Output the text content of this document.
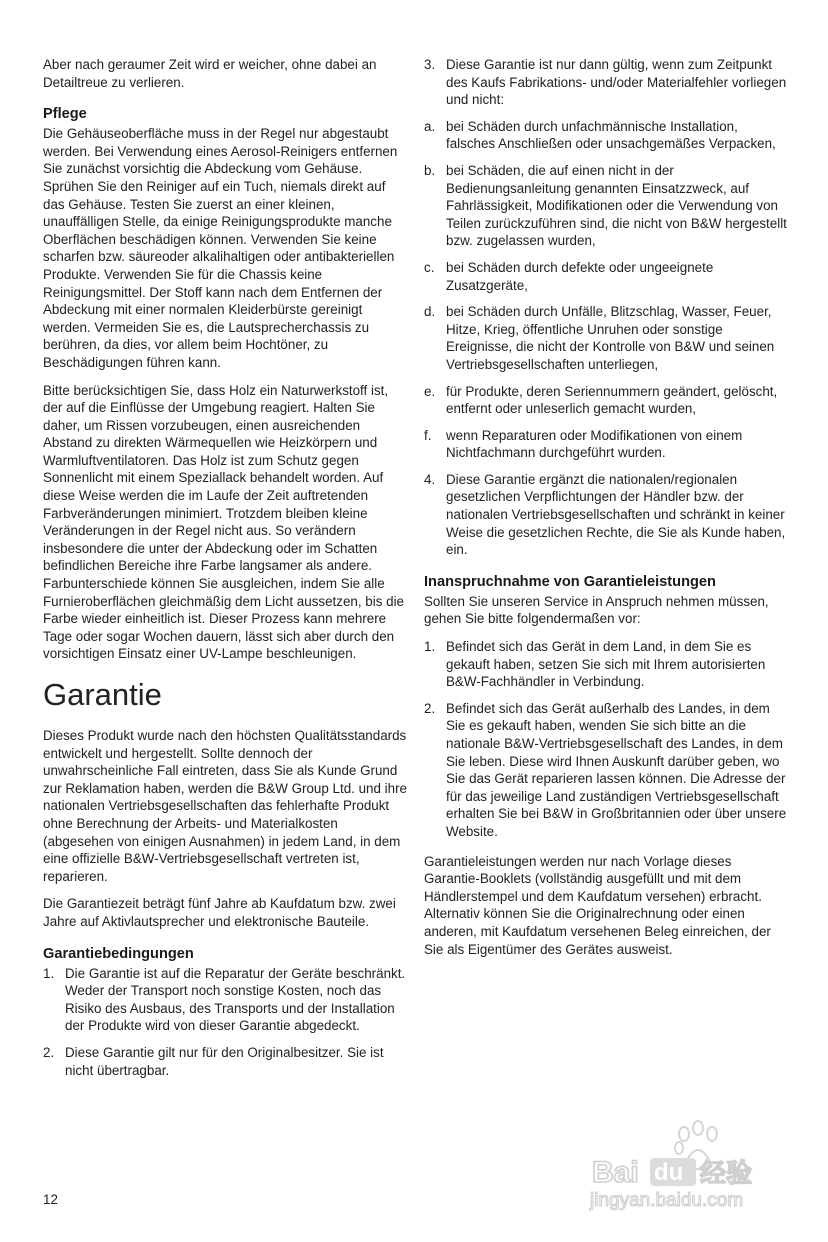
Aber nach geraumer Zeit wird er weicher, ohne dabei an Detailtreue zu verlieren.

Pflege

Die Gehäuseoberfläche muss in der Regel nur abgestaubt werden. Bei Verwendung eines Aerosol-Reinigers entfernen Sie zunächst vorsichtig die Abdeckung vom Gehäuse. Sprühen Sie den Reiniger auf ein Tuch, niemals direkt auf das Gehäuse. Testen Sie zuerst an einer kleinen, unauffälligen Stelle, da einige Reinigungsprodukte manche Oberflächen beschädigen können. Verwenden Sie keine scharfen bzw. säureoder alkalihaltigen oder antibakteriellen Produkte. Verwenden Sie für die Chassis keine Reinigungsmittel. Der Stoff kann nach dem Entfernen der Abdeckung mit einer normalen Kleiderbürste gereinigt werden. Vermeiden Sie es, die Lautsprecherchassis zu berühren, da dies, vor allem beim Hochtöner, zu Beschädigungen führen kann.

Bitte berücksichtigen Sie, dass Holz ein Naturwerkstoff ist, der auf die Einflüsse der Umgebung reagiert. Halten Sie daher, um Rissen vorzubeugen, einen ausreichenden Abstand zu direkten Wärmequellen wie Heizkörpern und Warmluftventilatoren. Das Holz ist zum Schutz gegen Sonnenlicht mit einem Speziallack behandelt worden. Auf diese Weise werden die im Laufe der Zeit auftretenden Farbveränderungen minimiert. Trotzdem bleiben kleine Veränderungen in der Regel nicht aus. So verändern insbesondere die unter der Abdeckung oder im Schatten befindlichen Bereiche ihre Farbe langsamer als andere. Farbunterschiede können Sie ausgleichen, indem Sie alle Furnieroberflächen gleichmäßig dem Licht aussetzen, bis die Farbe wieder einheitlich ist. Dieser Prozess kann mehrere Tage oder sogar Wochen dauern, lässt sich aber durch den vorsichtigen Einsatz einer UV-Lampe beschleunigen.

Garantie

Dieses Produkt wurde nach den höchsten Qualitätsstandards entwickelt und hergestellt. Sollte dennoch der unwahrscheinliche Fall eintreten, dass Sie als Kunde Grund zur Reklamation haben, werden die B&W Group Ltd. und ihre nationalen Vertriebsgesellschaften das fehlerhafte Produkt ohne Berechnung der Arbeits- und Materialkosten (abgesehen von einigen Ausnahmen) in jedem Land, in dem eine offizielle B&W-Vertriebsgesellschaft vertreten ist, reparieren.

Die Garantiezeit beträgt fünf Jahre ab Kaufdatum bzw. zwei Jahre auf Aktivlautsprecher und elektronische Bauteile.

Garantiebedingungen
1. Die Garantie ist auf die Reparatur der Geräte beschränkt. Weder der Transport noch sonstige Kosten, noch das Risiko des Ausbaus, des Transports und der Installation der Produkte wird von dieser Garantie abgedeckt.
2. Diese Garantie gilt nur für den Originalbesitzer. Sie ist nicht übertragbar.
3. Diese Garantie ist nur dann gültig, wenn zum Zeitpunkt des Kaufs Fabrikations- und/oder Materialfehler vorliegen und nicht:
a. bei Schäden durch unfachmännische Installation, falsches Anschließen oder unsachgemäßes Verpacken,
b. bei Schäden, die auf einen nicht in der Bedienungsanleitung genannten Einsatzzweck, auf Fahrlässigkeit, Modifikationen oder die Verwendung von Teilen zurückzuführen sind, die nicht von B&W hergestellt bzw. zugelassen wurden,
c. bei Schäden durch defekte oder ungeeignete Zusatzgeräte,
d. bei Schäden durch Unfälle, Blitzschlag, Wasser, Feuer, Hitze, Krieg, öffentliche Unruhen oder sonstige Ereignisse, die nicht der Kontrolle von B&W und seinen Vertriebsgesellschaften unterliegen,
e. für Produkte, deren Seriennummern geändert, gelöscht, entfernt oder unleserlich gemacht wurden,
f.	wenn Reparaturen oder Modifikationen von einem Nichtfachmann durchgeführt wurden.
4. Diese Garantie ergänzt die nationalen/regionalen gesetzlichen Verpflichtungen der Händler bzw. der nationalen Vertriebsgesellschaften und schränkt in keiner Weise die gesetzlichen Rechte, die Sie als Kunde haben, ein.
Inanspruchnahme von Garantieleistungen

Sollten Sie unseren Service in Anspruch nehmen müssen, gehen Sie bitte folgendermaßen vor:

1. Befindet sich das Gerät in dem Land, in dem Sie es gekauft haben, setzen Sie sich mit Ihrem autorisierten B&W-Fachhändler in Verbindung.
2. Befindet sich das Gerät außerhalb des Landes, in dem Sie es gekauft haben, wenden Sie sich bitte an die nationale B&W-Vertriebsgesellschaft des Landes, in dem Sie leben. Diese wird Ihnen Auskunft darüber geben, wo Sie das Gerät reparieren lassen können. Die Adresse der für das jeweilige Land zuständigen Vertriebsgesellschaft erhalten Sie bei B&W in Großbritannien oder über unsere Website.

Garantieleistungen werden nur nach Vorlage dieses Garantie-Booklets (vollständig ausgefüllt und mit dem Händlerstempel und dem Kaufdatum versehen) erbracht. Alternativ können Sie die Originalrechnung oder einen anderen, mit Kaufdatum versehenen Beleg einreichen, der Sie als Eigentümer des Gerätes ausweist.

12
Bai du 经验
jingyan.baidu.com
